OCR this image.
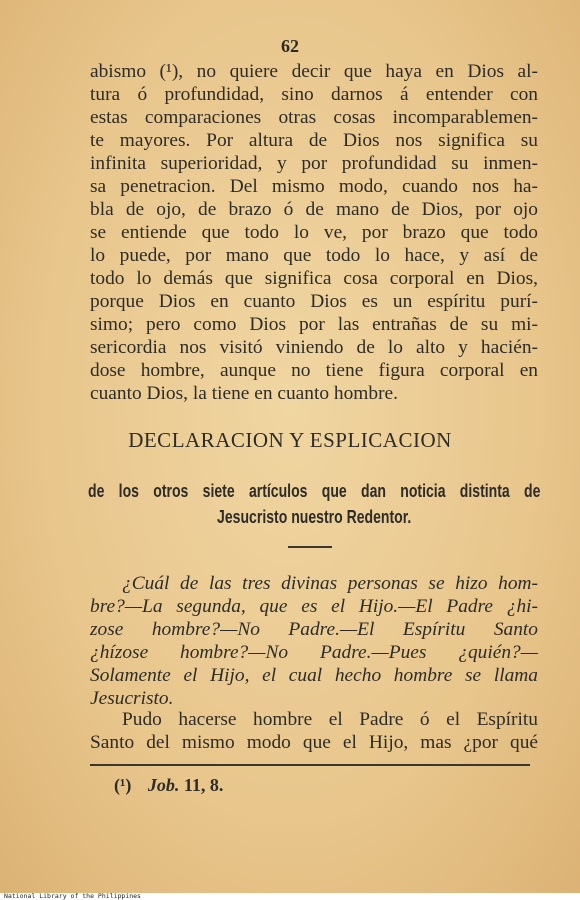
62
abismo (¹), no quiere decir que haya en Dios al-
tura ó profundidad, sino darnos á entender con
estas comparaciones otras cosas incomparablemen-
te mayores. Por altura de Dios nos significa su
infinita superioridad, y por profundidad su inmen-
sa penetracion. Del mismo modo, cuando nos ha-
bla de ojo, de brazo ó de mano de Dios, por ojo
se entiende que todo lo ve, por brazo que todo
lo puede, por mano que todo lo hace, y así de
todo lo demás que significa cosa corporal en Dios,
porque Dios en cuanto Dios es un espíritu purí-
simo; pero como Dios por las entrañas de su mi-
sericordia nos visitó viniendo de lo alto y hacién-
dose hombre, aunque no tiene figura corporal en
cuanto Dios, la tiene en cuanto hombre.
DECLARACION Y ESPLICACION
de los otros siete artículos que dan noticia distinta de
Jesucristo nuestro Redentor.
¿Cuál de las tres divinas personas se hizo hom-
bre?—La segunda, que es el Hijo.—El Padre ¿hi-
zose hombre?—No Padre.—El Espíritu Santo
¿hízose hombre?—No Padre.—Pues ¿quién?—
Solamente el Hijo, el cual hecho hombre se llama
Jesucristo.
Pudo hacerse hombre el Padre ó el Espíritu
Santo del mismo modo que el Hijo, mas ¿por qué
(¹) Job. 11, 8.
National Library of the Philippines
